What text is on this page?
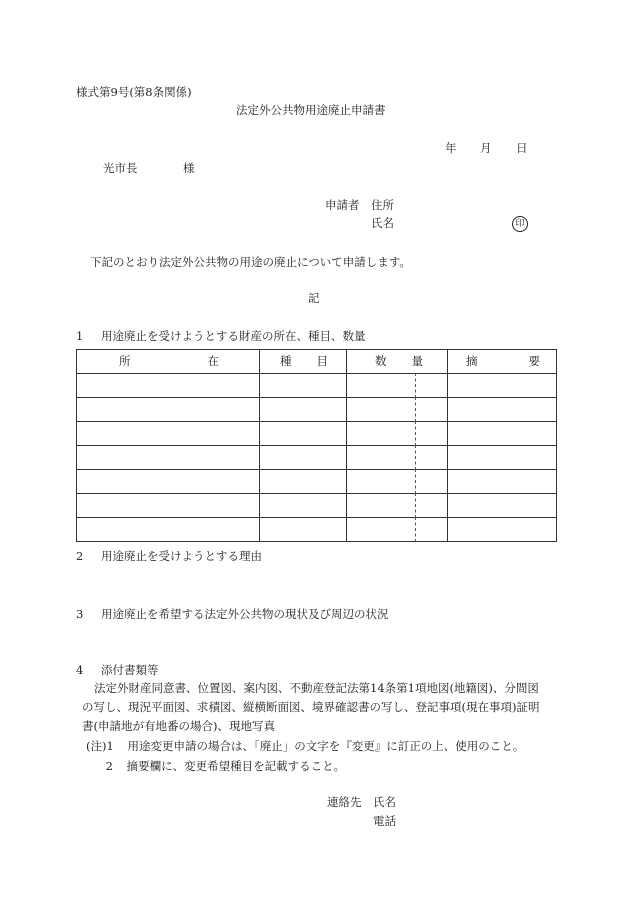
様式第9号(第8条関係)
法定外公共物用途廃止申請書
年 月 日
光市長	様
申請者 住所
氏名	印
下記のとおり法定外公共物の用途の廃止について申請します。
記
1 用途廃止を受けようとする財産の所在、種目、数量
所 在	種 目	数 量	摘 要

2 用途廃止を受けようとする理由
3 用途廃止を希望する法定外公共物の現状及び周辺の状況
4 添付書類等
法定外財産同意書、位置図、案内図、不動産登記法第14条第1項地図(地籍図)、分間図
の写し、現況平面図、求積図、縦横断面図、境界確認書の写し、登記事項(現在事項)証明
書(申請地が有地番の場合)、現地写真
(注)1 用途変更申請の場合は、「廃止」の文字を『変更』に訂正の上、使用のこと。
2 摘要欄に、変更希望種目を記載すること。
連絡先 氏名
電話
